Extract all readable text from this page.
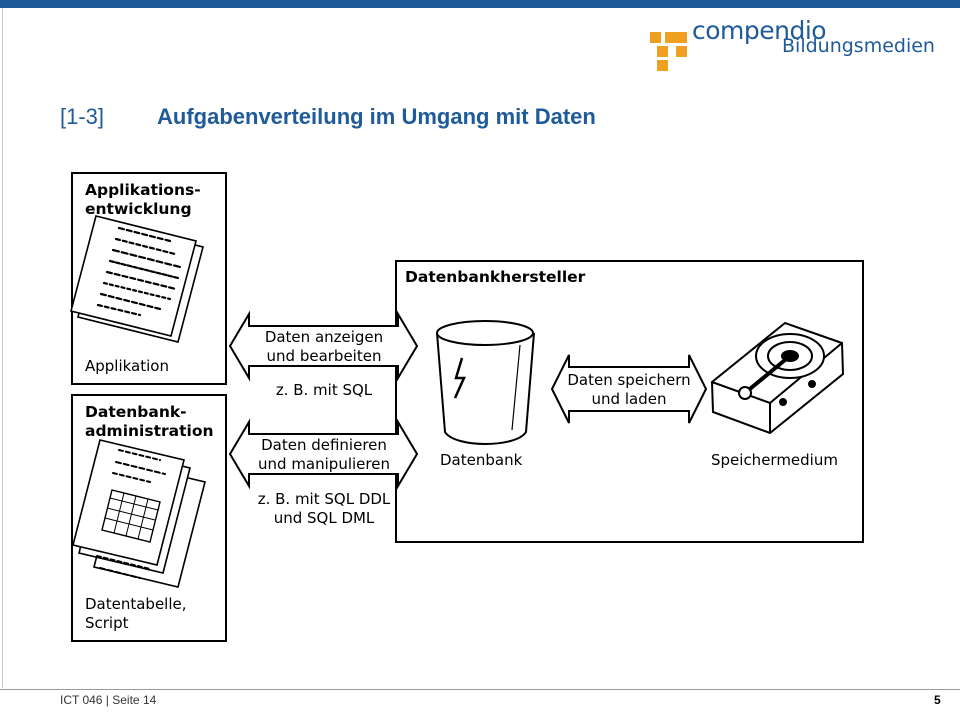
compendio
Bildungsmedien
[1-3] Aufgabenverteilung im Umgang mit Daten
Applikations-
entwicklung
Datenbank-
administration
Datenbankhersteller
Applikation
Datentabelle,
Script
Daten anzeigen
und bearbeiten
z. B. mit SQL
Daten definieren
und manipulieren
z. B. mit SQL DDL
und SQL DML
Daten speichern
und laden
Datenbank	Speichermedium
ICT 046 | Seite 14	5
